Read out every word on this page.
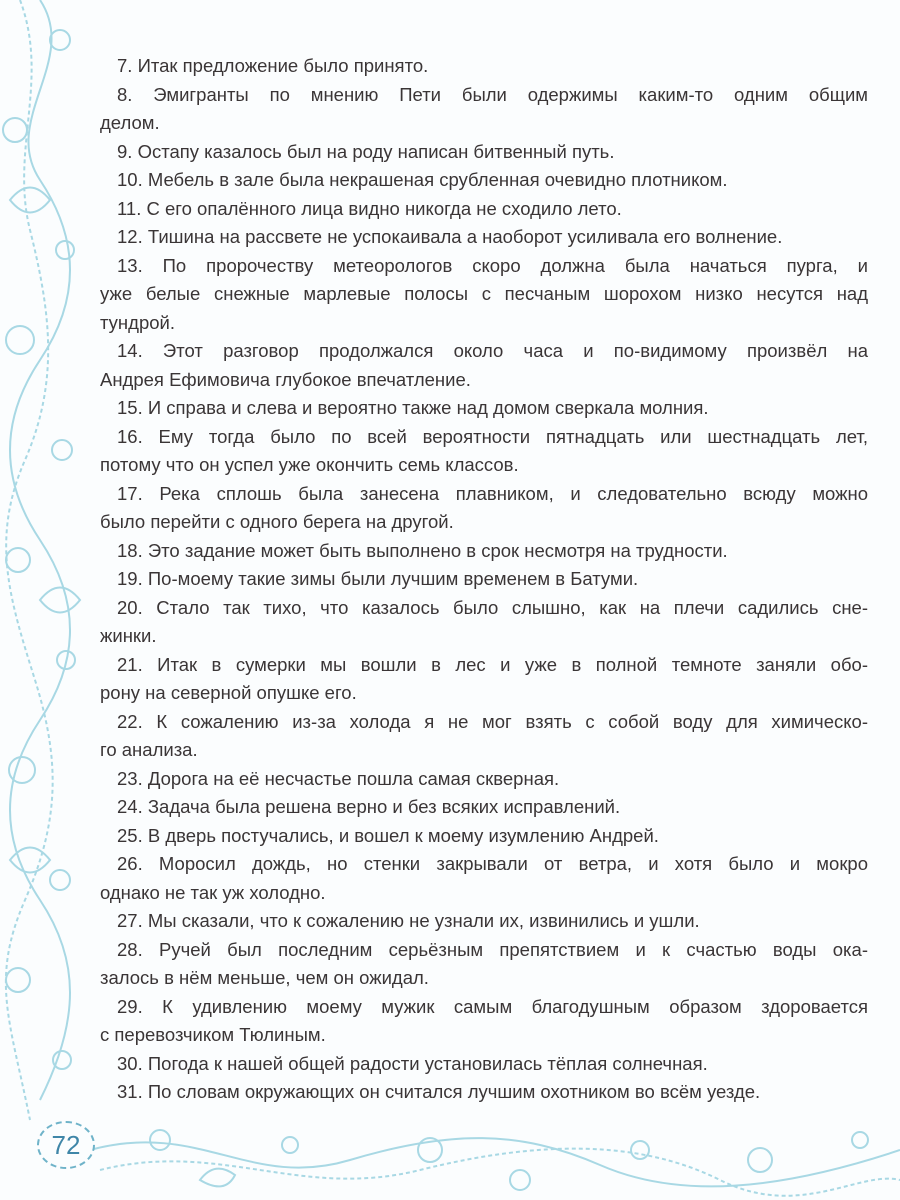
7. Итак предложение было принято.
8. Эмигранты по мнению Пети были одержимы каким-то одним общим
делом.
9. Остапу казалось был на роду написан битвенный путь.
10. Мебель в зале была некрашеная срубленная очевидно плотником.
11. С его опалённого лица видно никогда не сходило лето.
12. Тишина на рассвете не успокаивала а наоборот усиливала его волнение.
13. По пророчеству метеорологов скоро должна была начаться пурга, и
уже белые снежные марлевые полосы с песчаным шорохом низко несутся над
тундрой.
14. Этот разговор продолжался около часа и по-видимому произвёл на
Андрея Ефимовича глубокое впечатление.
15. И справа и слева и вероятно также над домом сверкала молния.
16. Ему тогда было по всей вероятности пятнадцать или шестнадцать лет,
потому что он успел уже окончить семь классов.
17. Река сплошь была занесена плавником, и следовательно всюду можно
было перейти с одного берега на другой.
18. Это задание может быть выполнено в срок несмотря на трудности.
19. По-моему такие зимы были лучшим временем в Батуми.
20. Стало так тихо, что казалось было слышно, как на плечи садились сне-
жинки.
21. Итак в сумерки мы вошли в лес и уже в полной темноте заняли обо-
рону на северной опушке его.
22. К сожалению из-за холода я не мог взять с собой воду для химическо-
го анализа.
23. Дорога на её несчастье пошла самая скверная.
24. Задача была решена верно и без всяких исправлений.
25. В дверь постучались, и вошел к моему изумлению Андрей.
26. Моросил дождь, но стенки закрывали от ветра, и хотя было и мокро
однако не так уж холодно.
27. Мы сказали, что к сожалению не узнали их, извинились и ушли.
28. Ручей был последним серьёзным препятствием и к счастью воды ока-
залось в нём меньше, чем он ожидал.
29. К удивлению моему мужик самым благодушным образом здоровается
с перевозчиком Тюлиным.
30. Погода к нашей общей радости установилась тёплая солнечная.
31. По словам окружающих он считался лучшим охотником во всём уезде.
72
